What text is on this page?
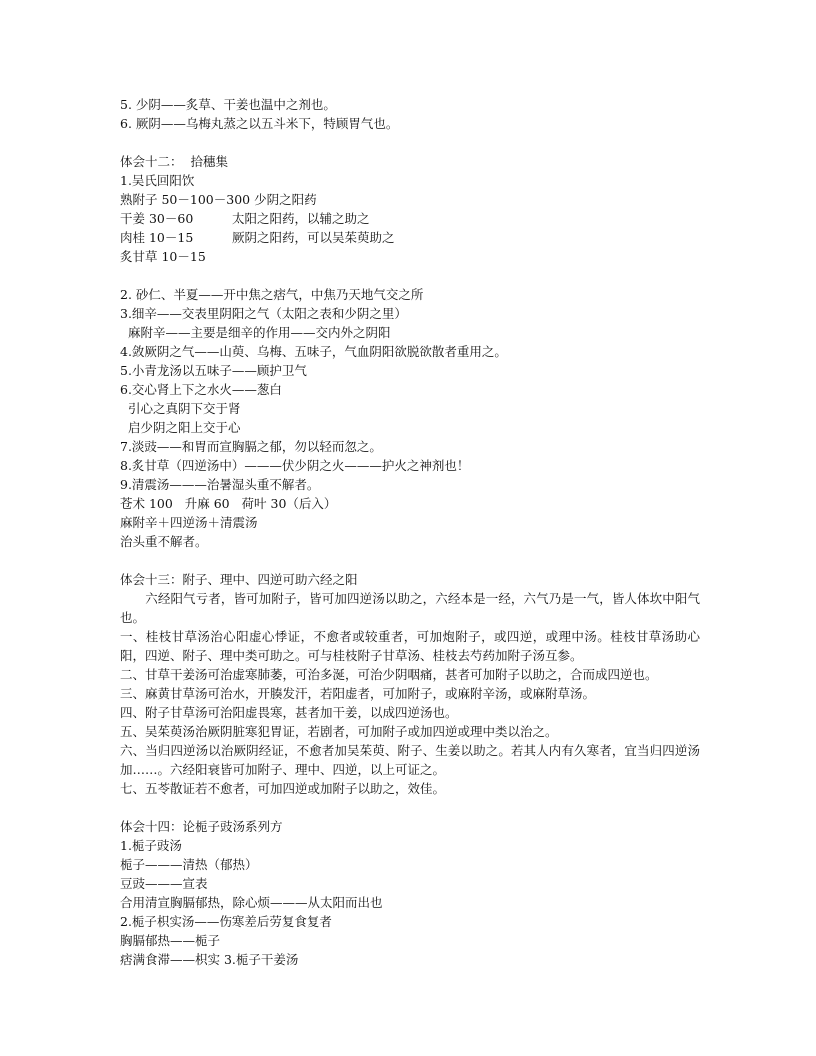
5. 少阴——炙草、干姜也温中之剂也。
6. 厥阴——乌梅丸蒸之以五斗米下，特顾胃气也。
体会十二：  拾穗集
1.吴氏回阳饮
熟附子 50－100－300 少阴之阳药
干姜 30－60	太阳之阳药，以辅之助之
肉桂 10－15	厥阴之阳药，可以吴茱萸助之
炙甘草 10－15
2. 砂仁、半夏——开中焦之痞气，中焦乃天地气交之所
3.细辛——交表里阴阳之气（太阳之表和少阴之里）
麻附辛——主要是细辛的作用——交内外之阴阳
4.敛厥阴之气——山萸、乌梅、五味子，气血阴阳欲脱欲散者重用之。
5.小青龙汤以五味子——顾护卫气
6.交心肾上下之水火——葱白
引心之真阴下交于肾
启少阴之阳上交于心
7.淡豉——和胃而宣胸膈之郁，勿以轻而忽之。
8.炙甘草（四逆汤中）———伏少阴之火———护火之神剂也！
9.清震汤———治暑湿头重不解者。
苍术 100   升麻 60   荷叶 30（后入）
麻附辛＋四逆汤＋清震汤
治头重不解者。
体会十三：附子、理中、四逆可助六经之阳
　　六经阳气亏者，皆可加附子，皆可加四逆汤以助之，六经本是一经，六气乃是一气，皆人体坎中阳气也。
一、桂枝甘草汤治心阳虚心悸证，不愈者或较重者，可加炮附子，或四逆，或理中汤。桂枝甘草汤助心阳，四逆、附子、理中类可助之。可与桂枝附子甘草汤、桂枝去芍药加附子汤互参。
二、甘草干姜汤可治虚寒肺萎，可治多涎，可治少阴咽痛，甚者可加附子以助之，合而成四逆也。
三、麻黄甘草汤可治水，开腠发汗，若阳虚者，可加附子，或麻附辛汤，或麻附草汤。
四、附子甘草汤可治阳虚畏寒，甚者加干姜，以成四逆汤也。
五、吴茱萸汤治厥阴脏寒犯胃证，若剧者，可加附子或加四逆或理中类以治之。
六、当归四逆汤以治厥阴经证，不愈者加吴茱萸、附子、生姜以助之。若其人内有久寒者，宜当归四逆汤加……。六经阳衰皆可加附子、理中、四逆，以上可证之。
七、五苓散证若不愈者，可加四逆或加附子以助之，效佳。
体会十四：论栀子豉汤系列方
1.栀子豉汤
栀子———清热（郁热）
豆豉———宣表
合用清宣胸膈郁热，除心烦———从太阳而出也
2.栀子枳实汤——伤寒差后劳复食复者
胸膈郁热——栀子
痞满食滞——枳实 3.栀子干姜汤
